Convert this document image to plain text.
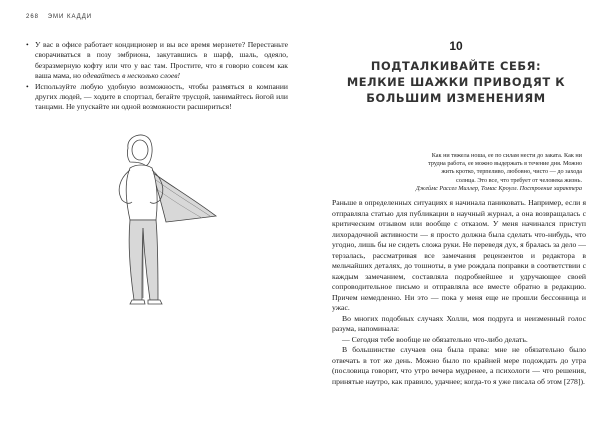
268 ЭМИ КАДДИ
• У вас в офисе работает кондиционер и вы все время мерзнете? Перестаньте сворачиваться в позу эмбриона, закутавшись в шарф, шаль, одеяло, безразмерную кофту или что у вас там. Простите, что я говорю совсем как ваша мама, но одевайтесь в несколько слоев!
• Используйте любую удобную возможность, чтобы размяться в компании других людей, — ходите в спортзал, бегайте трусцой, занимайтесь йогой или танцами. Не упускайте ни одной возможности расшириться!
10
ПОДТАЛКИВАЙТЕ СЕБЯ: МЕЛКИЕ ШАЖКИ ПРИВОДЯТ К БОЛЬШИМ ИЗМЕНЕНИЯМ
Как ни тяжела ноша, ее по силам нести до заката. Как ни
трудна работа, ее можно выдержать в течение дня. Можно
жить кротко, терпеливо, любовно, чисто — до захода
солнца. Это все, что требует от человека жизнь.
Джеймс Рассел Миллер, Томас Кроулл. Построение характера

Раньше в определенных ситуациях я начинала паниковать. Например, если я отправляла статью для публикации в научный журнал, а она возвращалась с критическим отзывом или вообще с отказом. У меня начинался приступ лихорадочной активности — я просто должна была сделать что-нибудь, что угодно, лишь бы не сидеть сложа руки. Не переведя дух, я бралась за дело — терзалась, рассматривая все замечания рецензентов и редактора в мельчайших деталях, до тошноты, в уме рождала поправки в соответствии с каждым замечанием, составляла подробнейшее и удручающее своей сопроводительное письмо и отправляла все вместе обратно в редакцию. Причем немедленно. Ни это — пока у меня еще не прошли бессонница и ужас.

Во многих подобных случаях Холли, моя подруга и неизменный голос разума, напоминала:

— Сегодня тебе вообще не обязательно что-либо делать.

В большинстве случаев она была права: мне не обязательно было отвечать в тот же день. Можно было по крайней мере подождать до утра (пословица говорит, что утро вечера мудренее, а психологи — что решения, принятые наутро, как правило, удачнее; когда-то я уже писала об этом [278]).
